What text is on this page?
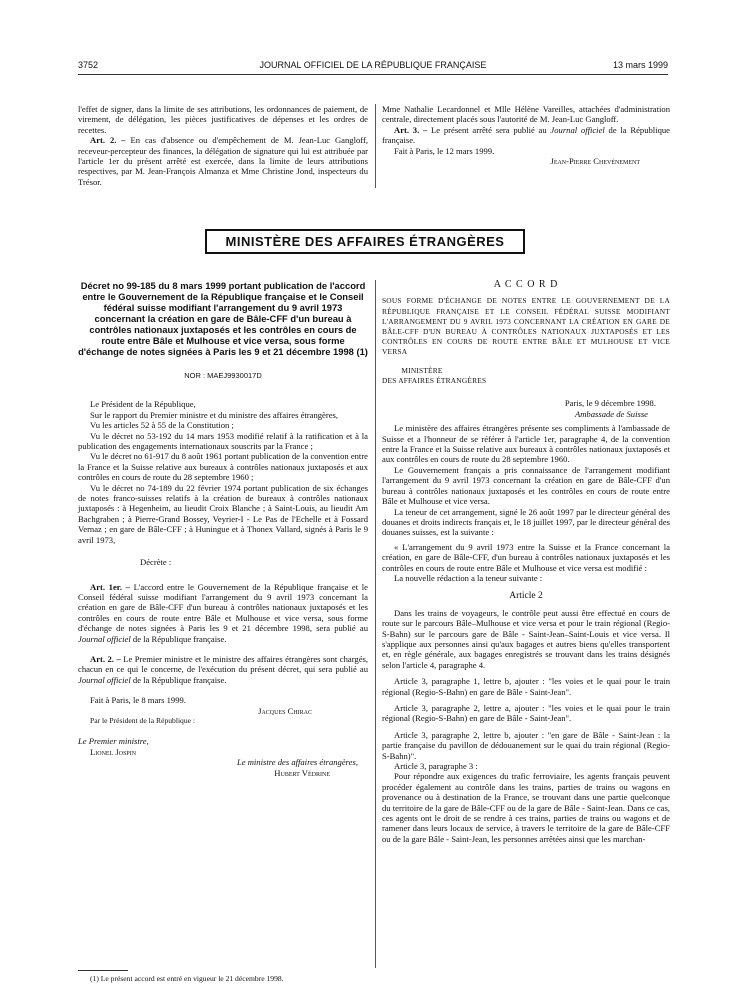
3752	JOURNAL OFFICIEL DE LA RÉPUBLIQUE FRANÇAISE	13 mars 1999

l'effet de signer, dans la limite de ses attributions, les ordonnances de paiement, de virement, de délégation, les pièces justificatives de dépenses et les ordres de recettes.

Art. 2. – En cas d'absence ou d'empêchement de M. Jean-Luc Gangloff, receveur-percepteur des finances, la délégation de signature qui lui est attribuée par l'article 1er du présent arrêté est exercée, dans la limite de leurs attributions respectives, par M. Jean-François Almanza et Mme Christine Jond, inspecteurs du Trésor.

Mme Nathalie Lecardonnel et Mlle Hélène Vareilles, attachées d'administration centrale, directement placés sous l'autorité de M. Jean-Luc Gangloff.

Art. 3. – Le présent arrêté sera publié au Journal officiel de la République française.

Fait à Paris, le 12 mars 1999.

Jean-Pierre Chevènement

MINISTÈRE DES AFFAIRES ÉTRANGÈRES
Décret no 99-185 du 8 mars 1999 portant publication de l'accord entre le Gouvernement de la République française et le Conseil fédéral suisse modifiant l'arrangement du 9 avril 1973 concernant la création en gare de Bâle-CFF d'un bureau à contrôles nationaux juxtaposés et les contrôles en cours de route entre Bâle et Mulhouse et vice versa, sous forme d'échange de notes signées à Paris les 9 et 21 décembre 1998 (1)
NOR : MAEJ9930017D

Le Président de la République,

Sur le rapport du Premier ministre et du ministre des affaires étrangères,

Vu les articles 52 à 55 de la Constitution ;

Vu le décret no 53-192 du 14 mars 1953 modifié relatif à la ratification et à la publication des engagements internationaux souscrits par la France ;

Vu le décret no 61-917 du 8 août 1961 portant publication de la convention entre la France et la Suisse relative aux bureaux à contrôles nationaux juxtaposés et aux contrôles en cours de route du 28 septembre 1960 ;

Vu le décret no 74-189 du 22 février 1974 portant publication de six échanges de notes franco-suisses relatifs à la création de bureaux à contrôles nationaux juxtaposés : à Hegenheim, au lieudit Croix Blanche ; à Saint-Louis, au lieudit Am Bachgraben ; à Pierre-Grand Bossey, Veyrier-I - Le Pas de l'Echelle et à Fossard Vernaz ; en gare de Bâle-CFF ; à Huningue et à Thonex Vallard, signés à Paris le 9 avril 1973,

Décrète :

Art. 1er. – L'accord entre le Gouvernement de la République française et le Conseil fédéral suisse modifiant l'arrangement du 9 avril 1973 concernant la création en gare de Bâle-CFF d'un bureau à contrôles nationaux juxtaposés et les contrôles en cours de route entre Bâle et Mulhouse et vice versa, sous forme d'échange de notes signées à Paris les 9 et 21 décembre 1998, sera publié au Journal officiel de la République française.

Art. 2. – Le Premier ministre et le ministre des affaires étrangères sont chargés, chacun en ce qui le concerne, de l'exécution du présent décret, qui sera publié au Journal officiel de la République française.

Fait à Paris, le 8 mars 1999.

Jacques Chirac

Par le Président de la République :

Le Premier ministre,

Lionel Jospin

Le ministre des affaires étrangères,

Hubert Védrine

A C C O R D

SOUS FORME D'ÉCHANGE DE NOTES ENTRE LE GOUVERNEMENT DE LA RÉPUBLIQUE FRANÇAISE ET LE CONSEIL FÉDÉRAL SUISSE MODIFIANT L'ARRANGEMENT DU 9 AVRIL 1973 CONCERNANT LA CRÉATION EN GARE DE BÂLE-CFF D'UN BUREAU À CONTRÔLES NATIONAUX JUXTAPOSÉS ET LES CONTRÔLES EN COURS DE ROUTE ENTRE BÂLE ET MULHOUSE ET VICE VERSA

MINISTÈRE

DES AFFAIRES ÉTRANGÈRES

Paris, le 9 décembre 1998.

Ambassade de Suisse

Le ministère des affaires étrangères présente ses compliments à l'ambassade de Suisse et a l'honneur de se référer à l'article 1er, paragraphe 4, de la convention entre la France et la Suisse relative aux bureaux à contrôles nationaux juxtaposés et aux contrôles en cours de route du 28 septembre 1960.

Le Gouvernement français a pris connaissance de l'arrangement modifiant l'arrangement du 9 avril 1973 concernant la création en gare de Bâle-CFF d'un bureau à contrôles nationaux juxtaposés et les contrôles en cours de route entre Bâle et Mulhouse et vice versa.

La teneur de cet arrangement, signé le 26 août 1997 par le directeur général des douanes et droits indirects français et, le 18 juillet 1997, par le directeur général des douanes suisses, est la suivante :

« L'arrangement du 9 avril 1973 entre la Suisse et la France concernant la création, en gare de Bâle-CFF, d'un bureau à contrôles nationaux juxtaposés et les contrôles en cours de route entre Bâle et Mulhouse et vice versa est modifié :

La nouvelle rédaction a la teneur suivante :

Article 2

Dans les trains de voyageurs, le contrôle peut aussi être effectué en cours de route sur le parcours Bâle–Mulhouse et vice versa et pour le train régional (Regio-S-Bahn) sur le parcours gare de Bâle - Saint-Jean–Saint-Louis et vice versa. Il s'applique aux personnes ainsi qu'aux bagages et autres biens qu'elles transportent et, en règle générale, aux bagages enregistrés se trouvant dans les trains désignés selon l'article 4, paragraphe 4.

Article 3, paragraphe 1, lettre b, ajouter : "les voies et le quai pour le train régional (Regio-S-Bahn) en gare de Bâle - Saint-Jean".

Article 3, paragraphe 2, lettre a, ajouter : "les voies et le quai pour le train régional (Regio-S-Bahn) en gare de Bâle - Saint-Jean".

Article 3, paragraphe 2, lettre b, ajouter : "en gare de Bâle - Saint-Jean : la partie française du pavillon de dédouanement sur le quai du train régional (Regio-S-Bahn)".

Article 3, paragraphe 3 :

Pour répondre aux exigences du trafic ferroviaire, les agents français peuvent procéder également au contrôle dans les trains, parties de trains ou wagons en provenance ou à destination de la France, se trouvant dans une partie quelconque du territoire de la gare de Bâle-CFF ou de la gare de Bâle - Saint-Jean. Dans ce cas, ces agents ont le droit de se rendre à ces trains, parties de trains ou wagons et de ramener dans leurs locaux de service, à travers le territoire de la gare de Bâle-CFF ou de la gare Bâle - Saint-Jean, les personnes arrêtées ainsi que les marchan-

(1) Le présent accord est entré en vigueur le 21 décembre 1998.
